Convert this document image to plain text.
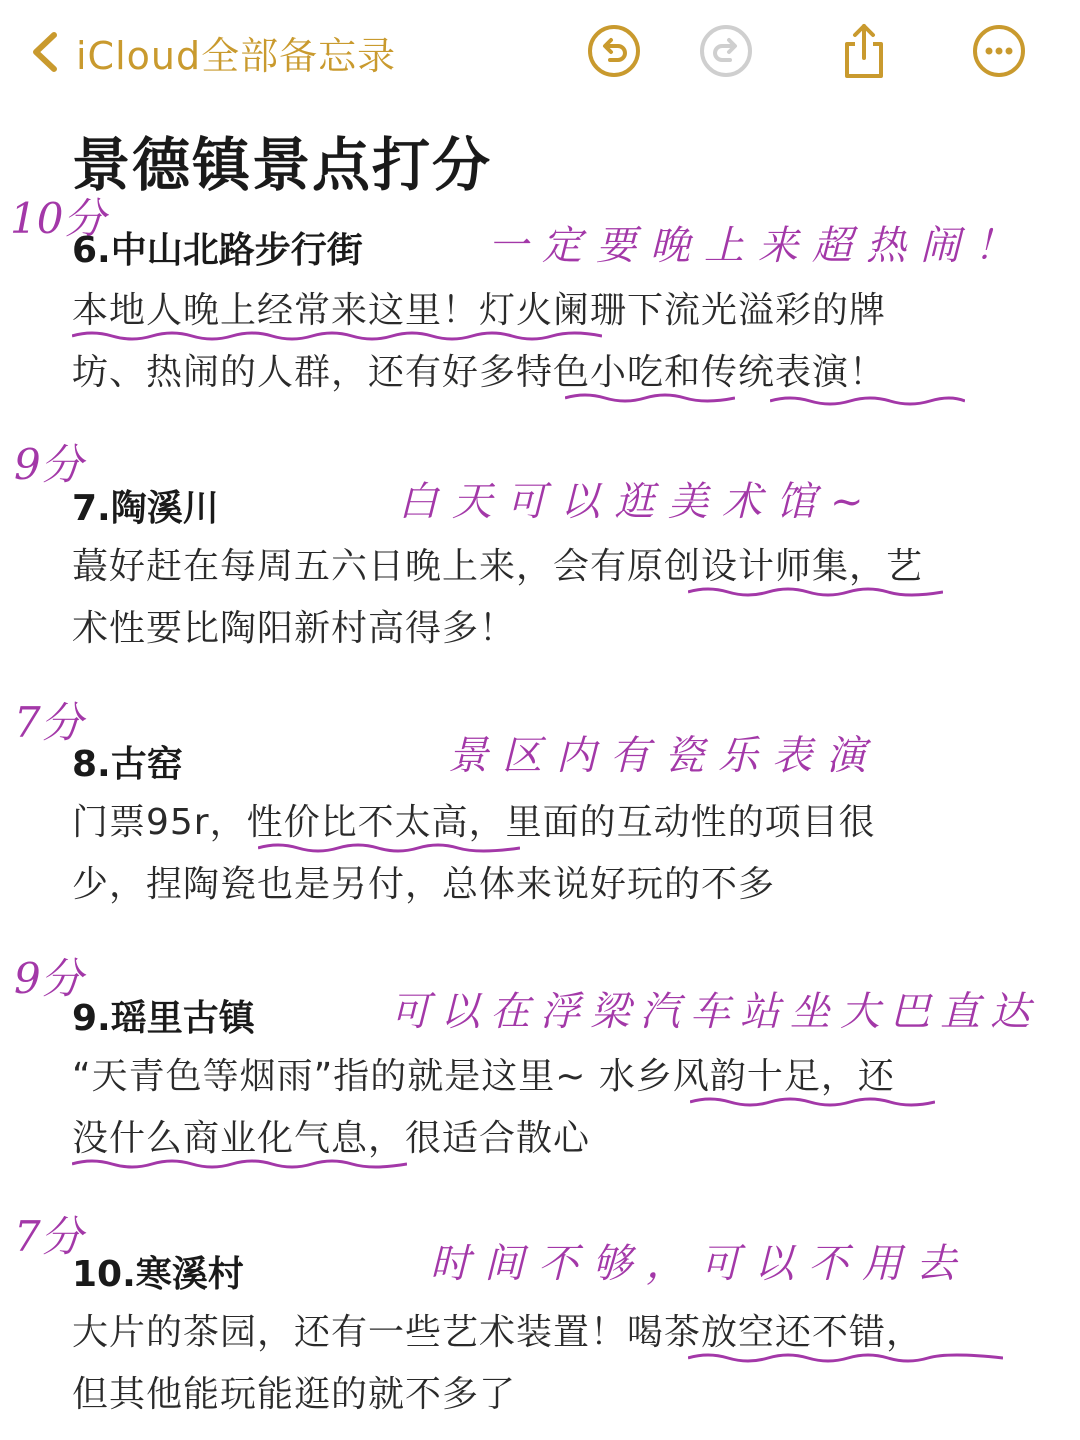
iCloud全部备忘录
景德镇景点打分
10分
6.中山北路步行街	一定要晚上来超热闹！
本地人晚上经常来这里！灯火阑珊下流光溢彩的牌
坊、热闹的人群，还有好多特色小吃和传统表演！
9分
7.陶溪川	白天可以逛美术馆~
蕞好赶在每周五六日晚上来，会有原创设计师集，艺
术性要比陶阳新村高得多！
7分
8.古窑	景区内有瓷乐表演
门票95r，性价比不太高，里面的互动性的项目很
少，捏陶瓷也是另付，总体来说好玩的不多
9分
9.瑶里古镇	可以在浮梁汽车站坐大巴直达
“天青色等烟雨”指的就是这里~ 水乡风韵十足，还
没什么商业化气息，很适合散心
7分
10.寒溪村	时间不够，可以不用去
大片的茶园，还有一些艺术装置！喝茶放空还不错，
但其他能玩能逛的就不多了
